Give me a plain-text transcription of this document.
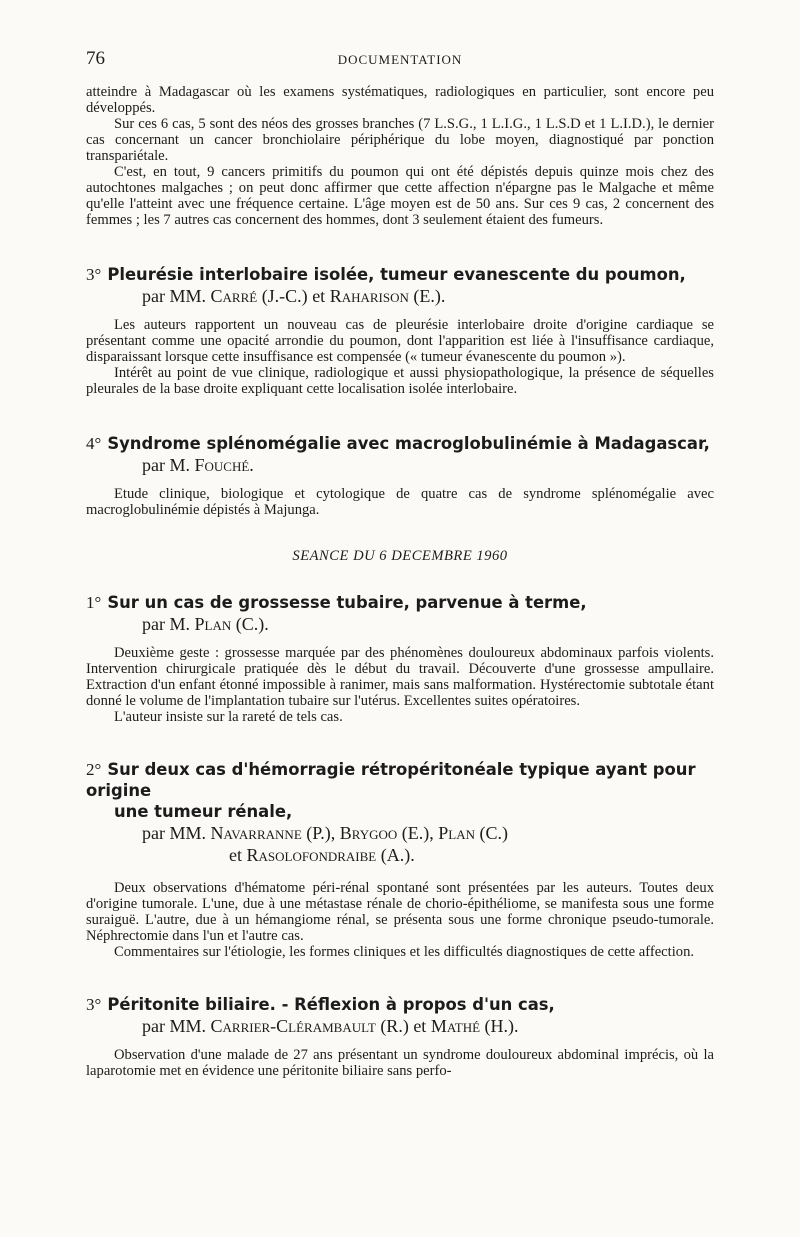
76	DOCUMENTATION

atteindre à Madagascar où les examens systématiques, radiologiques en particulier, sont encore peu développés.

Sur ces 6 cas, 5 sont des néos des grosses branches (7 L.S.G., 1 L.I.G., 1 L.S.D et 1 L.I.D.), le dernier cas concernant un cancer bronchiolaire périphérique du lobe moyen, diagnostiqué par ponction transpariétale.

C'est, en tout, 9 cancers primitifs du poumon qui ont été dépistés depuis quinze mois chez des autochtones malgaches ; on peut donc affirmer que cette affection n'épargne pas le Malgache et même qu'elle l'atteint avec une fréquence certaine. L'âge moyen est de 50 ans. Sur ces 9 cas, 2 concernent des femmes ; les 7 autres cas concernent des hommes, dont 3 seulement étaient des fumeurs.

3° Pleurésie interlobaire isolée, tumeur evanescente du poumon,
par MM. Carré (J.-C.) et Raharison (E.).

Les auteurs rapportent un nouveau cas de pleurésie interlobaire droite d'origine cardiaque se présentant comme une opacité arrondie du poumon, dont l'apparition est liée à l'insuffisance cardiaque, disparaissant lorsque cette insuffisance est compensée (« tumeur évanescente du poumon »).

Intérêt au point de vue clinique, radiologique et aussi physiopathologique, la présence de séquelles pleurales de la base droite expliquant cette localisation isolée interlobaire.

4° Syndrome splénomégalie avec macroglobulinémie à Madagascar,
par M. Fouché.

Etude clinique, biologique et cytologique de quatre cas de syndrome splénomégalie avec macroglobulinémie dépistés à Majunga.

SEANCE DU 6 DECEMBRE 1960

1° Sur un cas de grossesse tubaire, parvenue à terme,
par M. Plan (C.).

Deuxième geste : grossesse marquée par des phénomènes douloureux abdominaux parfois violents. Intervention chirurgicale pratiquée dès le début du travail. Découverte d'une grossesse ampullaire. Extraction d'un enfant étonné impossible à ranimer, mais sans malformation. Hystérectomie subtotale étant donné le volume de l'implantation tubaire sur l'utérus. Excellentes suites opératoires.

L'auteur insiste sur la rareté de tels cas.

2° Sur deux cas d'hémorragie rétropéritonéale typique ayant pour origine
une tumeur rénale,
par MM. Navarranne (P.), Brygoo (E.), Plan (C.)
et Rasolofondraibe (A.).

Deux observations d'hématome péri-rénal spontané sont présentées par les auteurs. Toutes deux d'origine tumorale. L'une, due à une métastase rénale de chorio-épithéliome, se manifesta sous une forme suraiguë. L'autre, due à un hémangiome rénal, se présenta sous une forme chronique pseudo-tumorale. Néphrectomie dans l'un et l'autre cas.

Commentaires sur l'étiologie, les formes cliniques et les difficultés diagnostiques de cette affection.

3° Péritonite biliaire. - Réflexion à propos d'un cas,
par MM. Carrier-Clérambault (R.) et Mathé (H.).

Observation d'une malade de 27 ans présentant un syndrome douloureux abdominal imprécis, où la laparotomie met en évidence une péritonite biliaire sans perfo-
